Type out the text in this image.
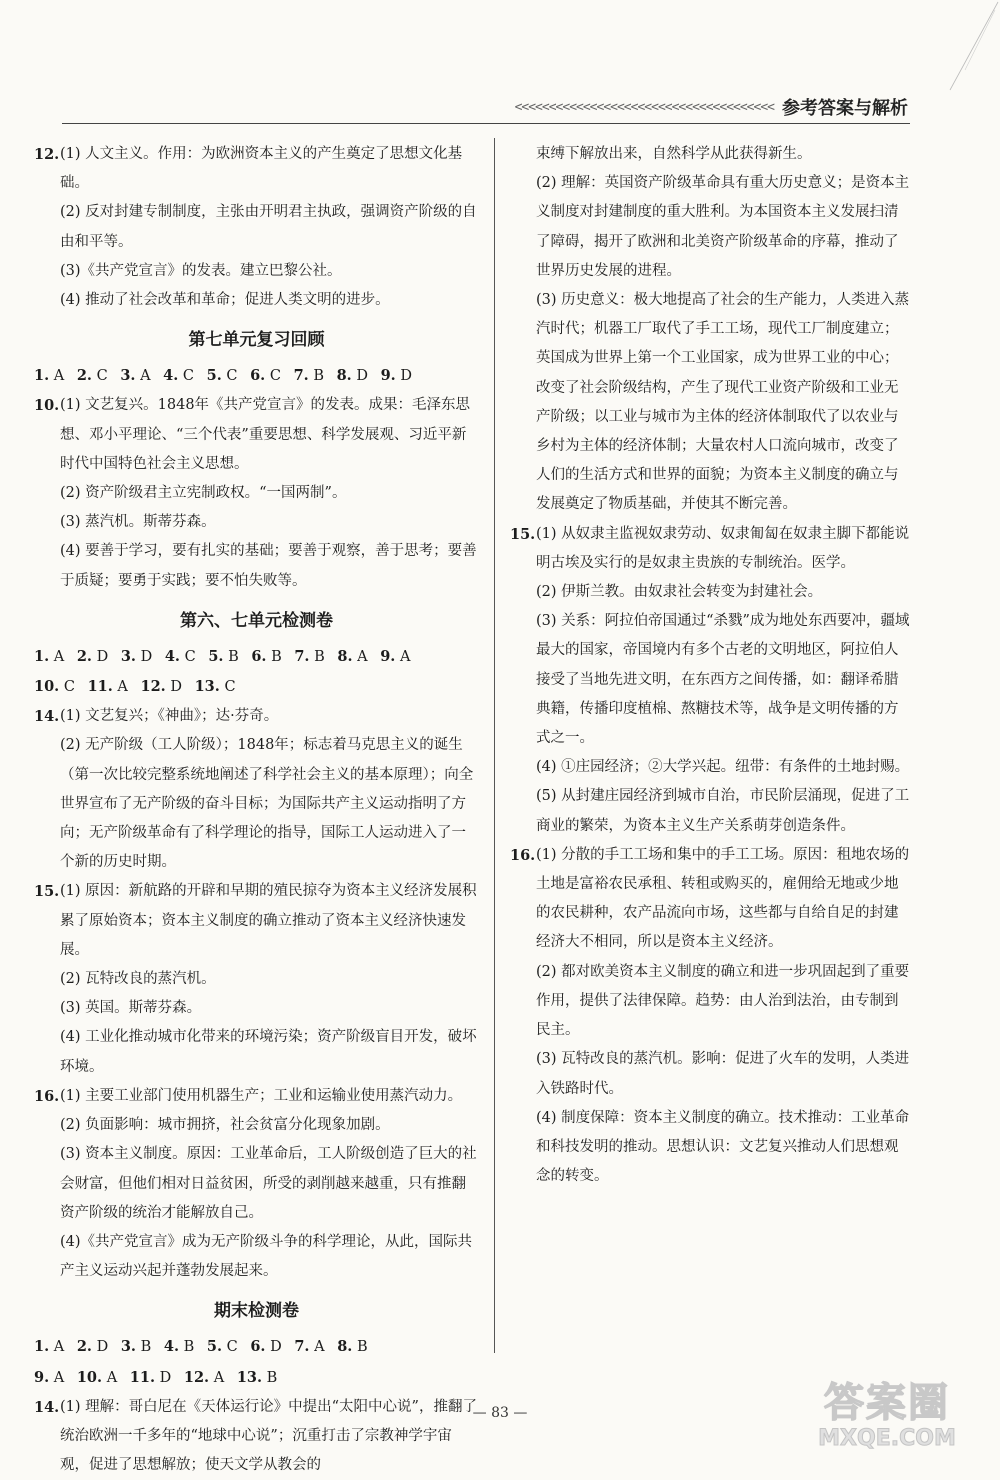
<<<<<<<<<<<<<<<<<<<<<<<<<<<<<<<<<<<<<< 参考答案与解析
12. (1) 人文主义。作用：为欧洲资本主义的产生奠定了思想文化基础。
(2) 反对封建专制制度，主张由开明君主执政，强调资产阶级的自由和平等。
(3)《共产党宣言》的发表。建立巴黎公社。
(4) 推动了社会改革和革命；促进人类文明的进步。
第七单元复习回顾
1. A 2. C 3. A 4. C 5. C 6. C 7. B 8. D 9. D
10. (1) 文艺复兴。1848年《共产党宣言》的发表。成果：毛泽东思想、邓小平理论、“三个代表”重要思想、科学发展观、习近平新时代中国特色社会主义思想。
(2) 资产阶级君主立宪制政权。“一国两制”。
(3) 蒸汽机。斯蒂芬森。
(4) 要善于学习，要有扎实的基础；要善于观察，善于思考；要善于质疑；要勇于实践；要不怕失败等。
第六、七单元检测卷
1. A 2. D 3. D 4. C 5. B 6. B 7. B 8. A 9. A
10. C 11. A 12. D 13. C
14. (1) 文艺复兴；《神曲》；达·芬奇。
(2) 无产阶级（工人阶级）；1848年；标志着马克思主义的诞生（第一次比较完整系统地阐述了科学社会主义的基本原理）；向全世界宣布了无产阶级的奋斗目标；为国际共产主义运动指明了方向；无产阶级革命有了科学理论的指导，国际工人运动进入了一个新的历史时期。
15. (1) 原因：新航路的开辟和早期的殖民掠夺为资本主义经济发展积累了原始资本；资本主义制度的确立推动了资本主义经济快速发展。
(2) 瓦特改良的蒸汽机。
(3) 英国。斯蒂芬森。
(4) 工业化推动城市化带来的环境污染；资产阶级盲目开发，破坏环境。
16. (1) 主要工业部门使用机器生产；工业和运输业使用蒸汽动力。
(2) 负面影响：城市拥挤，社会贫富分化现象加剧。
(3) 资本主义制度。原因：工业革命后，工人阶级创造了巨大的社会财富，但他们相对日益贫困，所受的剥削越来越重，只有推翻资产阶级的统治才能解放自己。
(4)《共产党宣言》成为无产阶级斗争的科学理论，从此，国际共产主义运动兴起并蓬勃发展起来。
期末检测卷
1. A 2. D 3. B 4. B 5. C 6. D 7. A 8. B
9. A 10. A 11. D 12. A 13. B
14. (1) 理解：哥白尼在《天体运行论》中提出“太阳中心说”，推翻了统治欧洲一千多年的“地球中心说”；沉重打击了宗教神学宇宙观，促进了思想解放；使天文学从教会的
束缚下解放出来，自然科学从此获得新生。
(2) 理解：英国资产阶级革命具有重大历史意义；是资本主义制度对封建制度的重大胜利。为本国资本主义发展扫清了障碍，揭开了欧洲和北美资产阶级革命的序幕，推动了世界历史发展的进程。
(3) 历史意义：极大地提高了社会的生产能力，人类进入蒸汽时代；机器工厂取代了手工工场，现代工厂制度建立；英国成为世界上第一个工业国家，成为世界工业的中心；改变了社会阶级结构，产生了现代工业资产阶级和工业无产阶级；以工业与城市为主体的经济体制取代了以农业与乡村为主体的经济体制；大量农村人口流向城市，改变了人们的生活方式和世界的面貌；为资本主义制度的确立与发展奠定了物质基础，并使其不断完善。
15. (1) 从奴隶主监视奴隶劳动、奴隶匍匐在奴隶主脚下都能说明古埃及实行的是奴隶主贵族的专制统治。医学。
(2) 伊斯兰教。由奴隶社会转变为封建社会。
(3) 关系：阿拉伯帝国通过“杀戮”成为地处东西要冲，疆域最大的国家，帝国境内有多个古老的文明地区，阿拉伯人接受了当地先进文明，在东西方之间传播，如：翻译希腊典籍，传播印度植棉、熬糖技术等，战争是文明传播的方式之一。
(4) ①庄园经济；②大学兴起。纽带：有条件的土地封赐。
(5) 从封建庄园经济到城市自治，市民阶层涌现，促进了工商业的繁荣，为资本主义生产关系萌芽创造条件。
16. (1) 分散的手工工场和集中的手工工场。原因：租地农场的土地是富裕农民承租、转租或购买的，雇佣给无地或少地的农民耕种，农产品流向市场，这些都与自给自足的封建经济大不相同，所以是资本主义经济。
(2) 都对欧美资本主义制度的确立和进一步巩固起到了重要作用，提供了法律保障。趋势：由人治到法治，由专制到民主。
(3) 瓦特改良的蒸汽机。影响：促进了火车的发明，人类进入铁路时代。
(4) 制度保障：资本主义制度的确立。技术推动：工业革命和科技发明的推动。思想认识：文艺复兴推动人们思想观念的转变。
— 83 —	答案圈
MXQE.COM
